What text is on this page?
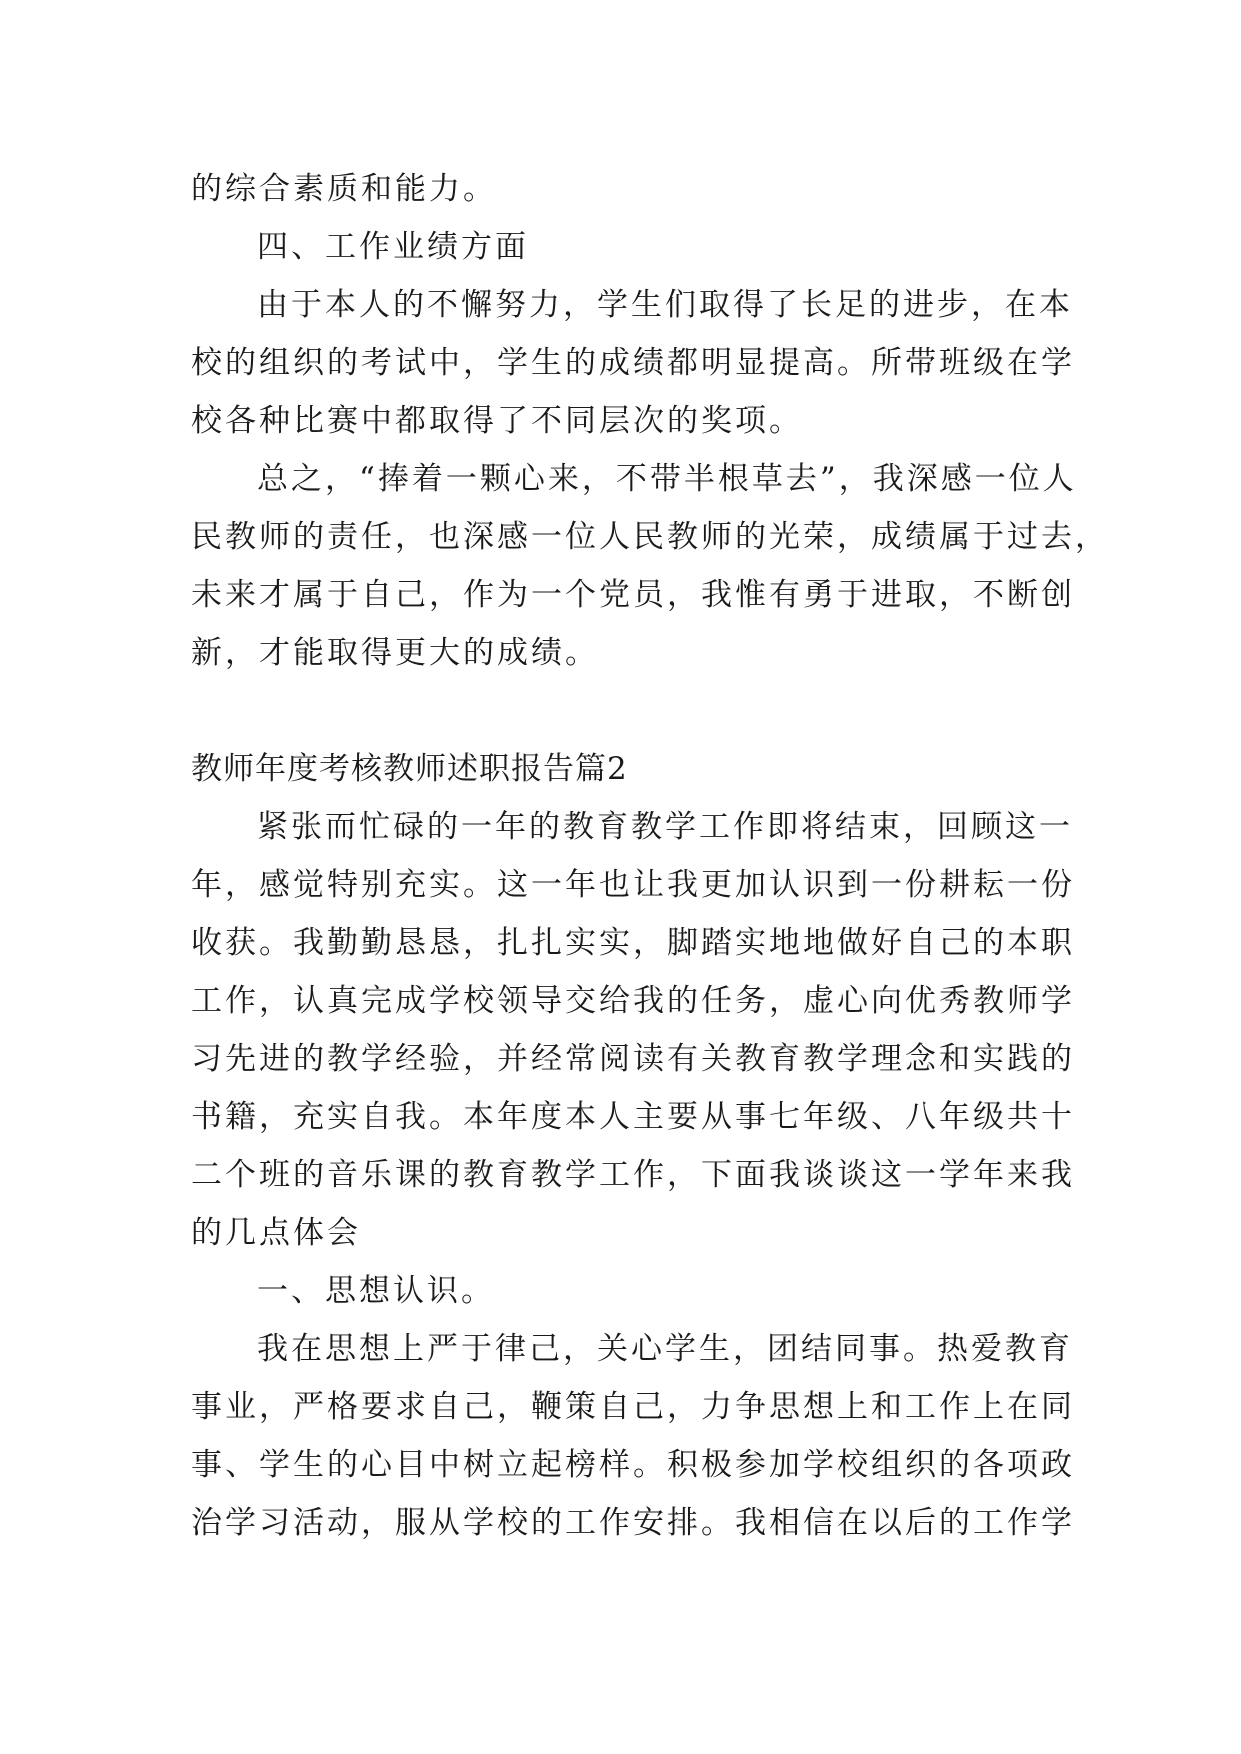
的综合素质和能力。
四、工作业绩方面
由于本人的不懈努力，学生们取得了长足的进步，在本
校的组织的考试中，学生的成绩都明显提高。所带班级在学
校各种比赛中都取得了不同层次的奖项。
总之，“捧着一颗心来，不带半根草去”，我深感一位人
民教师的责任，也深感一位人民教师的光荣，成绩属于过去，
未来才属于自己，作为一个党员，我惟有勇于进取，不断创
新，才能取得更大的成绩。
教师年度考核教师述职报告篇2
紧张而忙碌的一年的教育教学工作即将结束，回顾这一
年，感觉特别充实。这一年也让我更加认识到一份耕耘一份
收获。我勤勤恳恳，扎扎实实，脚踏实地地做好自己的本职
工作，认真完成学校领导交给我的任务，虚心向优秀教师学
习先进的教学经验，并经常阅读有关教育教学理念和实践的
书籍，充实自我。本年度本人主要从事七年级、八年级共十
二个班的音乐课的教育教学工作，下面我谈谈这一学年来我
的几点体会
一、思想认识。
我在思想上严于律己，关心学生，团结同事。热爱教育
事业，严格要求自己，鞭策自己，力争思想上和工作上在同
事、学生的心目中树立起榜样。积极参加学校组织的各项政
治学习活动，服从学校的工作安排。我相信在以后的工作学
